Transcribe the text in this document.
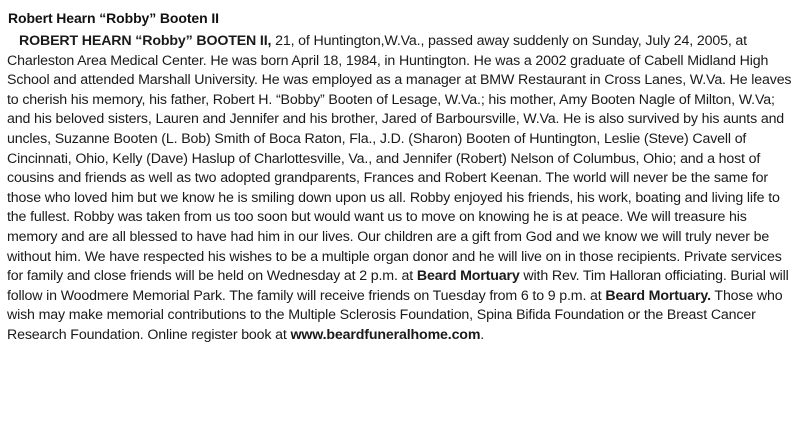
Robert Hearn “Robby” Booten II
ROBERT HEARN “Robby” BOOTEN II, 21, of Huntington,W.Va., passed away suddenly on Sunday, July 24, 2005, at Charleston Area Medical Center. He was born April 18, 1984, in Huntington. He was a 2002 graduate of Cabell Midland High School and attended Marshall University. He was employed as a manager at BMW Restaurant in Cross Lanes, W.Va. He leaves to cherish his memory, his father, Robert H. “Bobby” Booten of Lesage, W.Va.; his mother, Amy Booten Nagle of Milton, W.Va; and his beloved sisters, Lauren and Jennifer and his brother, Jared of Barboursville, W.Va. He is also survived by his aunts and uncles, Suzanne Booten (L. Bob) Smith of Boca Raton, Fla., J.D. (Sharon) Booten of Huntington, Leslie (Steve) Cavell of Cincinnati, Ohio, Kelly (Dave) Haslup of Charlottesville, Va., and Jennifer (Robert) Nelson of Columbus, Ohio; and a host of cousins and friends as well as two adopted grandparents, Frances and Robert Keenan. The world will never be the same for those who loved him but we know he is smiling down upon us all. Robby enjoyed his friends, his work, boating and living life to the fullest. Robby was taken from us too soon but would want us to move on knowing he is at peace. We will treasure his memory and are all blessed to have had him in our lives. Our children are a gift from God and we know we will truly never be without him. We have respected his wishes to be a multiple organ donor and he will live on in those recipients. Private services for family and close friends will be held on Wednesday at 2 p.m. at Beard Mortuary with Rev. Tim Halloran officiating. Burial will follow in Woodmere Memorial Park. The family will receive friends on Tuesday from 6 to 9 p.m. at Beard Mortuary. Those who wish may make memorial contributions to the Multiple Sclerosis Foundation, Spina Bifida Foundation or the Breast Cancer Research Foundation. Online register book at www.beardfuneralhome.com.
